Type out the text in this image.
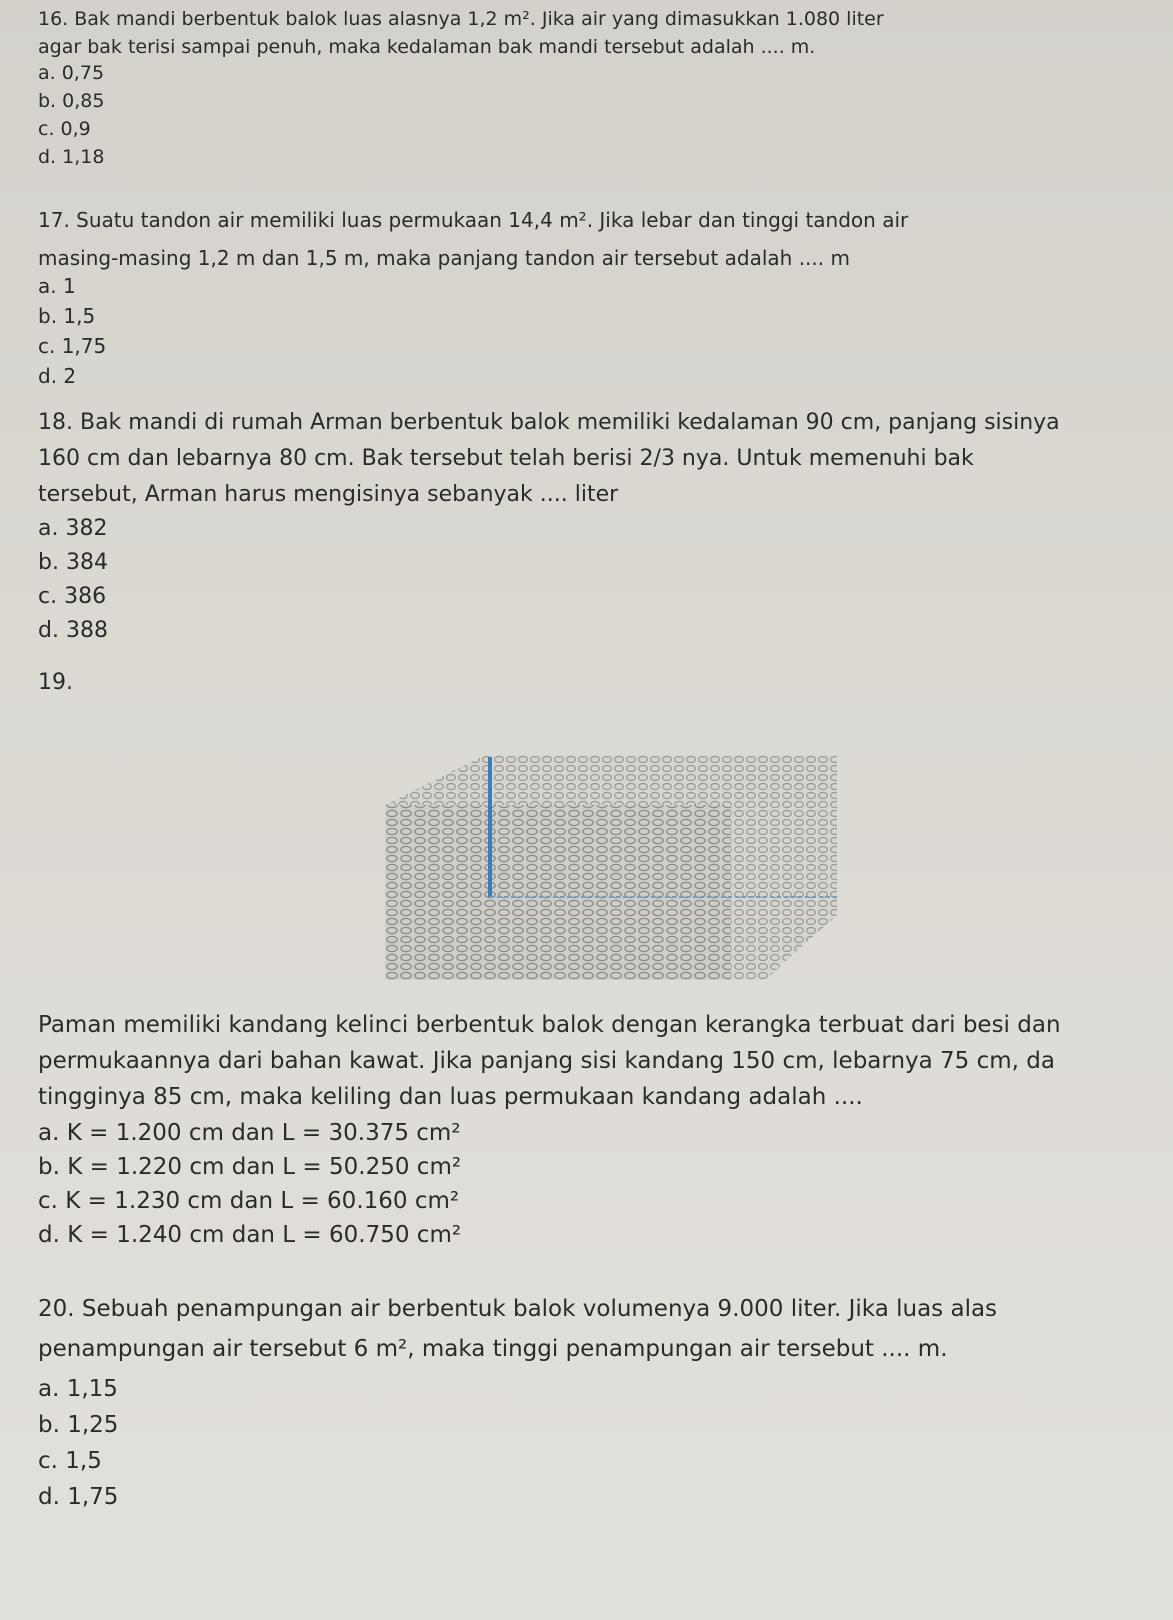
16. Bak mandi berbentuk balok luas alasnya 1,2 m². Jika air yang dimasukkan 1.080 liter
agar bak terisi sampai penuh, maka kedalaman bak mandi tersebut adalah .... m.
a. 0,75
b. 0,85
c. 0,9
d. 1,18
17. Suatu tandon air memiliki luas permukaan 14,4 m². Jika lebar dan tinggi tandon air
masing-masing 1,2 m dan 1,5 m, maka panjang tandon air tersebut adalah .... m
a. 1
b. 1,5
c. 1,75
d. 2
18. Bak mandi di rumah Arman berbentuk balok memiliki kedalaman 90 cm, panjang sisinya
160 cm dan lebarnya 80 cm. Bak tersebut telah berisi 2/3 nya. Untuk memenuhi bak
tersebut, Arman harus mengisinya sebanyak .... liter
a. 382
b. 384
c. 386
d. 388
19.
Paman memiliki kandang kelinci berbentuk balok dengan kerangka terbuat dari besi dan
permukaannya dari bahan kawat. Jika panjang sisi kandang 150 cm, lebarnya 75 cm, da
tingginya 85 cm, maka keliling dan luas permukaan kandang adalah ....
a. K = 1.200 cm dan L = 30.375 cm²
b. K = 1.220 cm dan L = 50.250 cm²
c. K = 1.230 cm dan L = 60.160 cm²
d. K = 1.240 cm dan L = 60.750 cm²
20. Sebuah penampungan air berbentuk balok volumenya 9.000 liter. Jika luas alas
penampungan air tersebut 6 m², maka tinggi penampungan air tersebut .... m.
a. 1,15
b. 1,25
c. 1,5
d. 1,75
